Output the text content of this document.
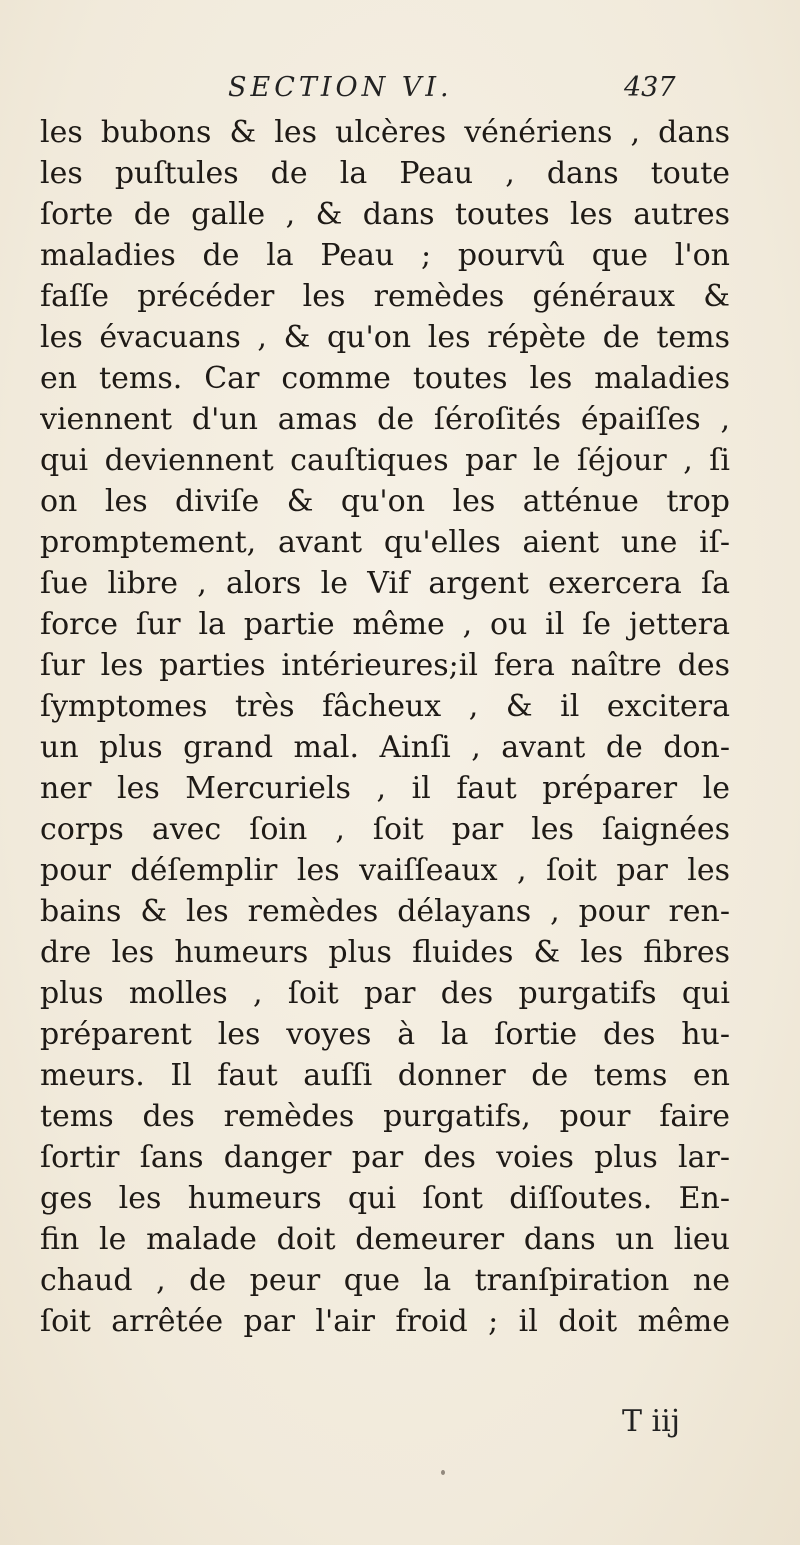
SECTION VI.	437
les bubons & les ulcères vénériens , dans
les puſtules de la Peau , dans toute
ſorte de galle , & dans toutes les autres
maladies de la Peau ; pourvû que l'on
faſſe précéder les remèdes généraux &
les évacuans , & qu'on les répète de tems
en tems. Car comme toutes les maladies
viennent d'un amas de ſéroſités épaiſſes ,
qui deviennent cauſtiques par le ſéjour , ſi
on les diviſe & qu'on les atténue trop
promptement, avant qu'elles aient une iſ-
ſue libre , alors le Vif argent exercera ſa
force ſur la partie même , ou il ſe jettera
ſur les parties intérieures;il fera naître des
ſymptomes très fâcheux , & il excitera
un plus grand mal. Ainſi , avant de don-
ner les Mercuriels , il faut préparer le
corps avec ſoin , ſoit par les ſaignées
pour déſemplir les vaiſſeaux , ſoit par les
bains & les remèdes délayans , pour ren-
dre les humeurs plus fluides & les fibres
plus molles , ſoit par des purgatifs qui
préparent les voyes à la ſortie des hu-
meurs. Il faut auſſi donner de tems en
tems des remèdes purgatifs, pour faire
ſortir ſans danger par des voies plus lar-
ges les humeurs qui ſont diſſoutes. En-
fin le malade doit demeurer dans un lieu
chaud , de peur que la tranſpiration ne
ſoit arrêtée par l'air froid ; il doit même
T iij
